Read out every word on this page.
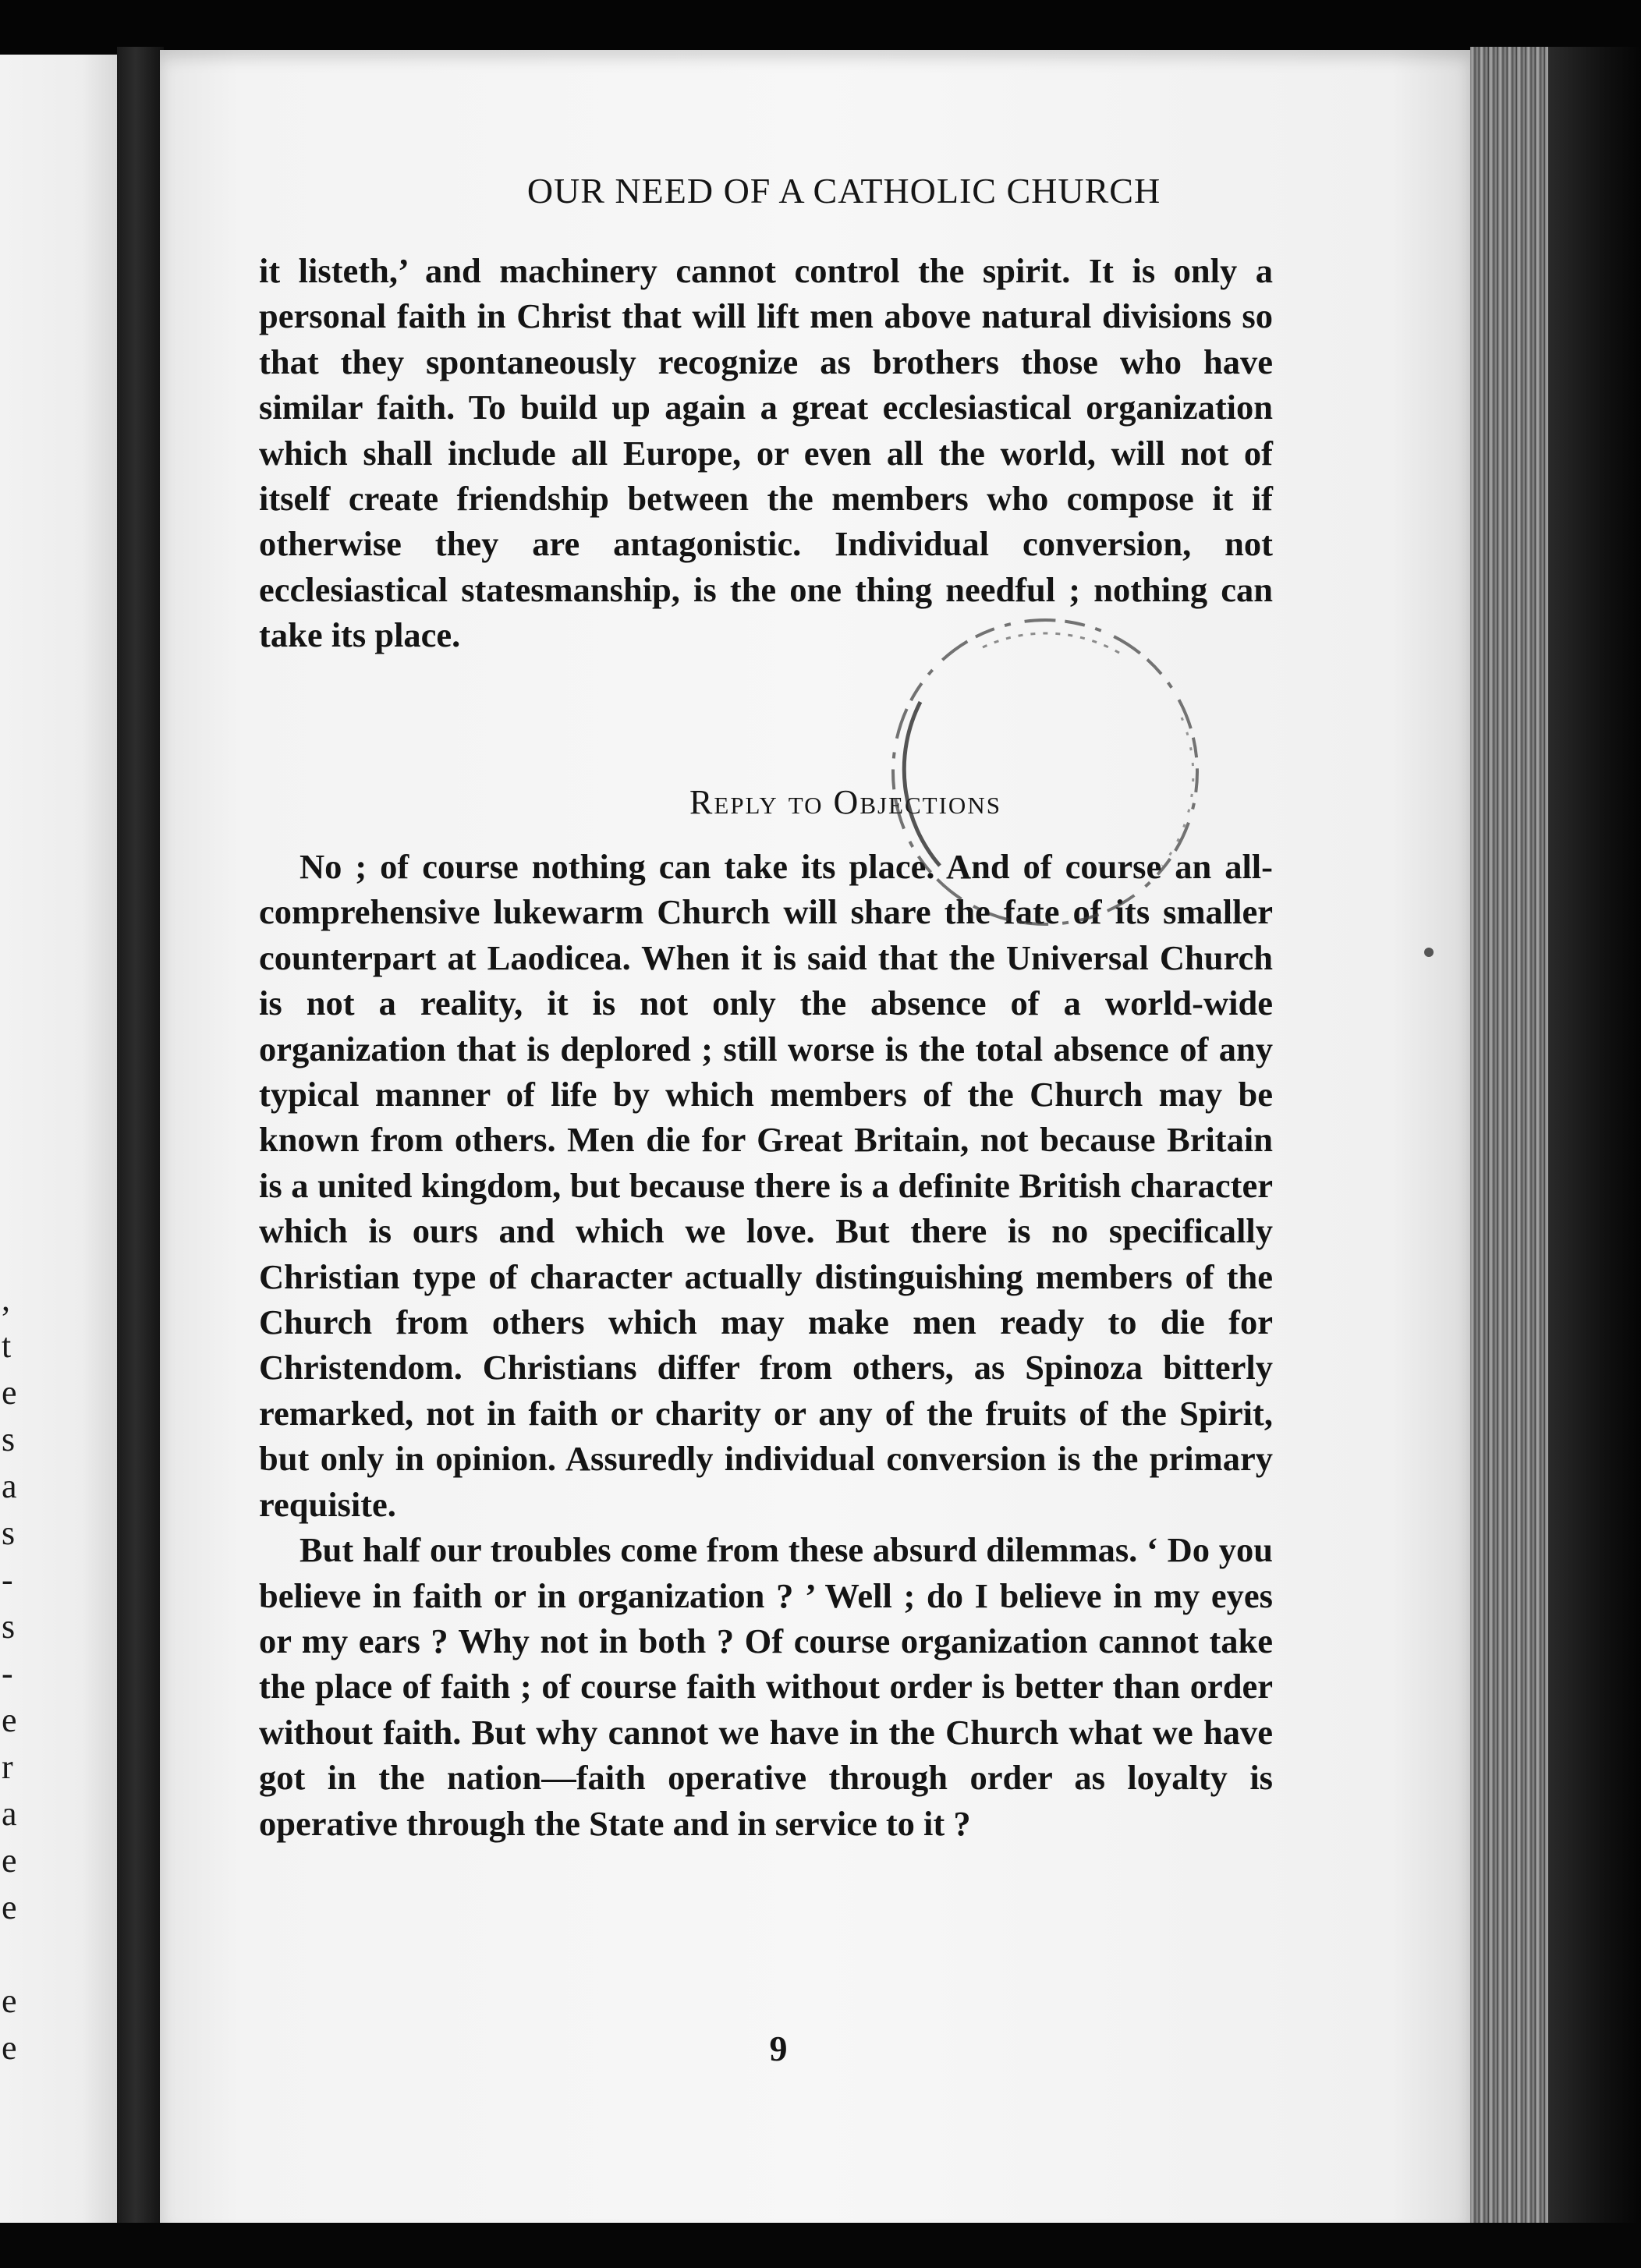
,
t
e
s
a
s
-
s
-
e
r
a
e
e
e
e
OUR NEED OF A CATHOLIC CHURCH

it listeth,’ and machinery cannot control the spirit. It is only a personal faith in Christ that will lift men above natural divisions so that they spontaneously recognize as brothers those who have similar faith. To build up again a great ecclesiastical organization which shall include all Europe, or even all the world, will not of itself create friendship between the members who compose it if otherwise they are antagonistic. Individual conversion, not ecclesiastical statesmanship, is the one thing needful ; nothing can take its place.

Reply to Objections

No ; of course nothing can take its place. And of course an all-comprehensive lukewarm Church will share the fate of its smaller counterpart at Laodicea. When it is said that the Universal Church is not a reality, it is not only the absence of a world-wide organization that is deplored ; still worse is the total absence of any typical manner of life by which members of the Church may be known from others. Men die for Great Britain, not because Britain is a united kingdom, but because there is a definite British character which is ours and which we love. But there is no specifically Christian type of character actually distinguishing members of the Church from others which may make men ready to die for Christendom. Christians differ from others, as Spinoza bitterly remarked, not in faith or charity or any of the fruits of the Spirit, but only in opinion. Assuredly individual conversion is the primary requisite.

But half our troubles come from these absurd dilemmas. ‘ Do you believe in faith or in organization ? ’ Well ; do I believe in my eyes or my ears ? Why not in both ? Of course organization cannot take the place of faith ; of course faith without order is better than order without faith. But why cannot we have in the Church what we have got in the nation—faith operative through order as loyalty is operative through the State and in service to it ?

9
